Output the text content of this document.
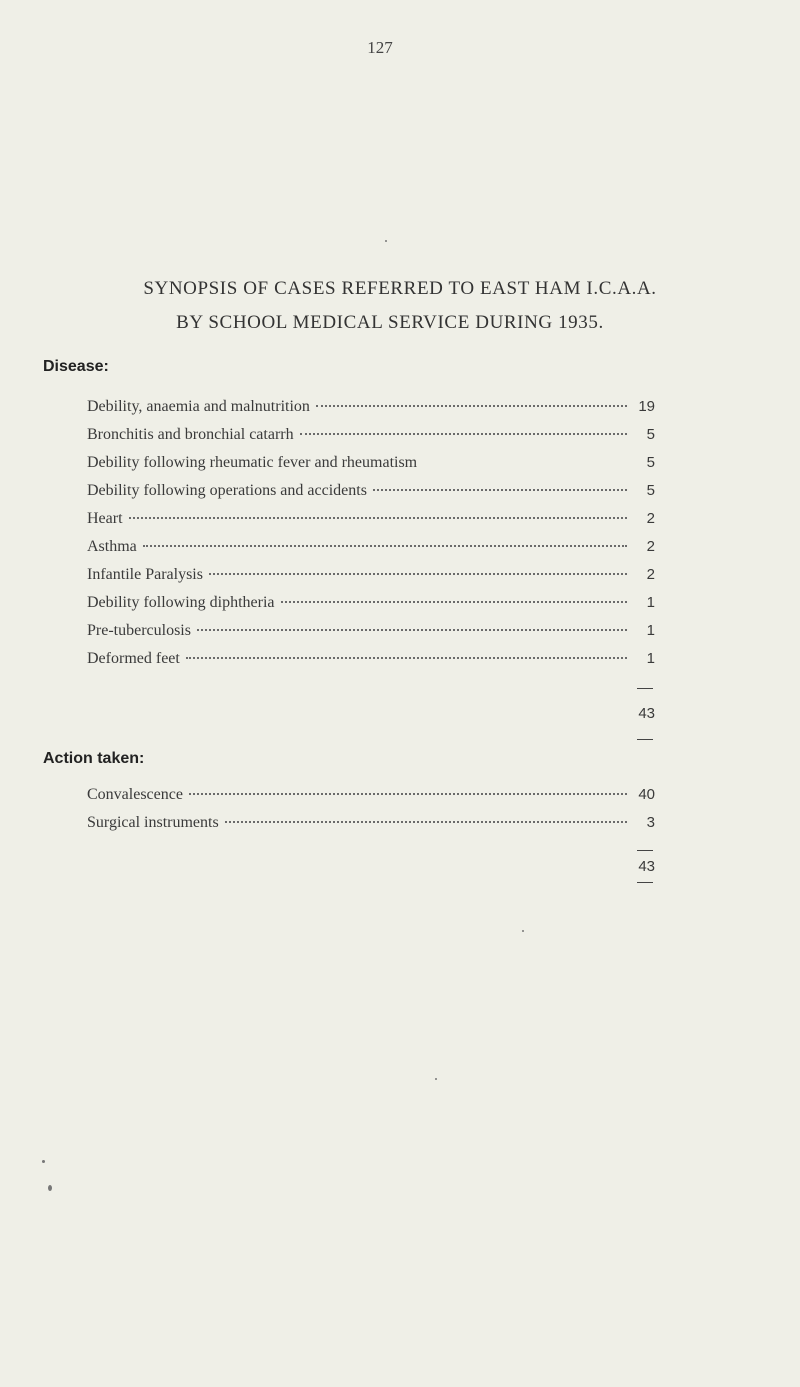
127
SYNOPSIS OF CASES REFERRED TO EAST HAM I.C.A.A.
BY SCHOOL MEDICAL SERVICE DURING 1935.
Disease:
Debility, anaemia and malnutrition	19
Bronchitis and bronchial catarrh	5
Debility following rheumatic fever and rheumatism	5
Debility following operations and accidents	5
Heart	2
Asthma	2
Infantile Paralysis	2
Debility following diphtheria	1
Pre-tuberculosis	1
Deformed feet	1
43
Action taken:
Convalescence	40
Surgical instruments	3
43
